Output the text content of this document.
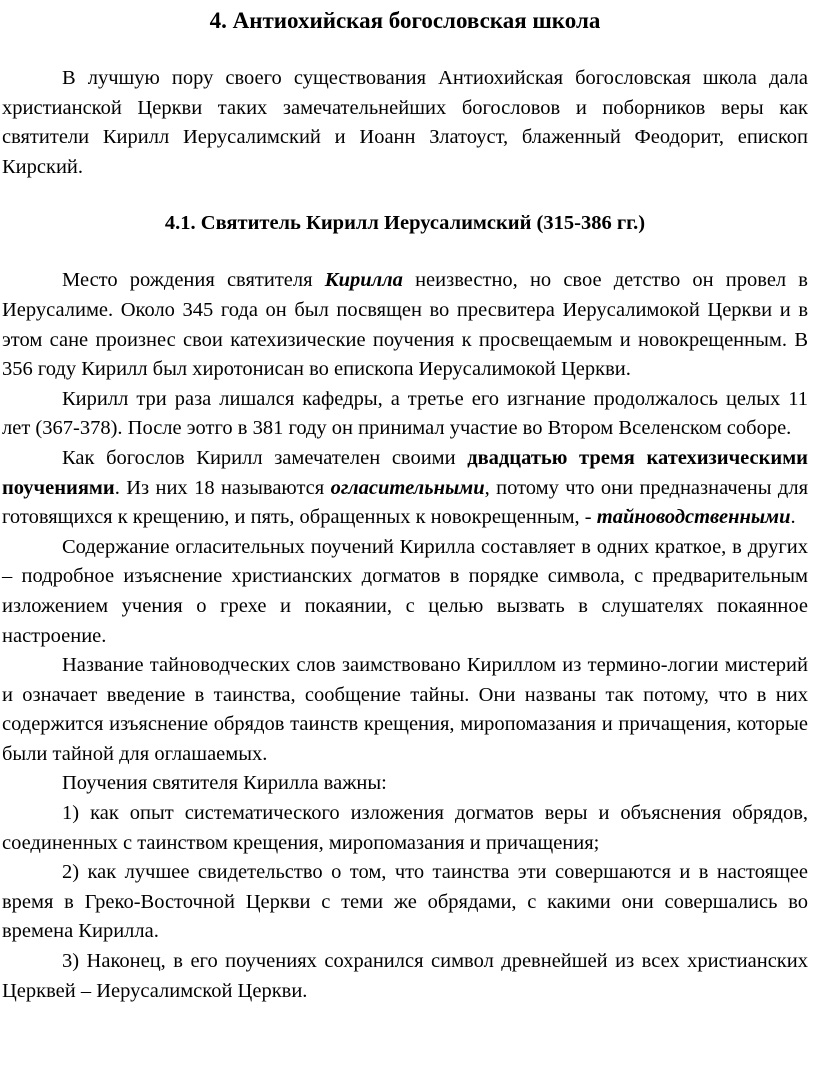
4. Антиохийская богословская школа

В лучшую пору своего существования Антиохийская богословская школа дала христианской Церкви таких замечательнейших богословов и поборников веры как святители Кирилл Иерусалимский и Иоанн Златоуст, блаженный Феодорит, епископ Кирский.

4.1. Святитель Кирилл Иерусалимский (315-386 гг.)

Место рождения святителя Кирилла неизвестно, но свое детство он провел в Иерусалиме. Около 345 года он был посвящен во пресвитера Иерусалимокой Церкви и в этом сане произнес свои катехизические поучения к просвещаемым и новокрещенным. В 356 году Кирилл был хиротонисан во епископа Иерусалимокой Церкви.

Кирилл три раза лишался кафедры, а третье его изгнание продолжалось целых 11 лет (367-378). После эотго в 381 году он принимал участие во Втором Вселенском соборе.

Как богослов Кирилл замечателен своими двадцатью тремя катехизическими поучениями. Из них 18 называются огласительными, потому что они предназначены для готовящихся к крещению, и пять, обращенных к новокрещенным, - тайноводственными.

Содержание огласительных поучений Кирилла составляет в одних краткое, в других – подробное изъяснение христианских догматов в порядке символа, с предварительным изложением учения о грехе и покаянии, с целью вызвать в слушателях покаянное настроение.

Название тайноводческих слов заимствовано Кириллом из термино-логии мистерий и означает введение в таинства, сообщение тайны. Они названы так потому, что в них содержится изъяснение обрядов таинств крещения, миропомазания и причащения, которые были тайной для оглашаемых.

Поучения святителя Кирилла важны:

1) как опыт систематического изложения догматов веры и объяснения обрядов, соединенных с таинством крещения, миропомазания и причащения;

2) как лучшее свидетельство о том, что таинства эти совершаются и в настоящее время в Греко-Восточной Церкви с теми же обрядами, с какими они совершались во времена Кирилла.

3) Наконец, в его поучениях сохранился символ древнейшей из всех христианских Церквей – Иерусалимской Церкви.
